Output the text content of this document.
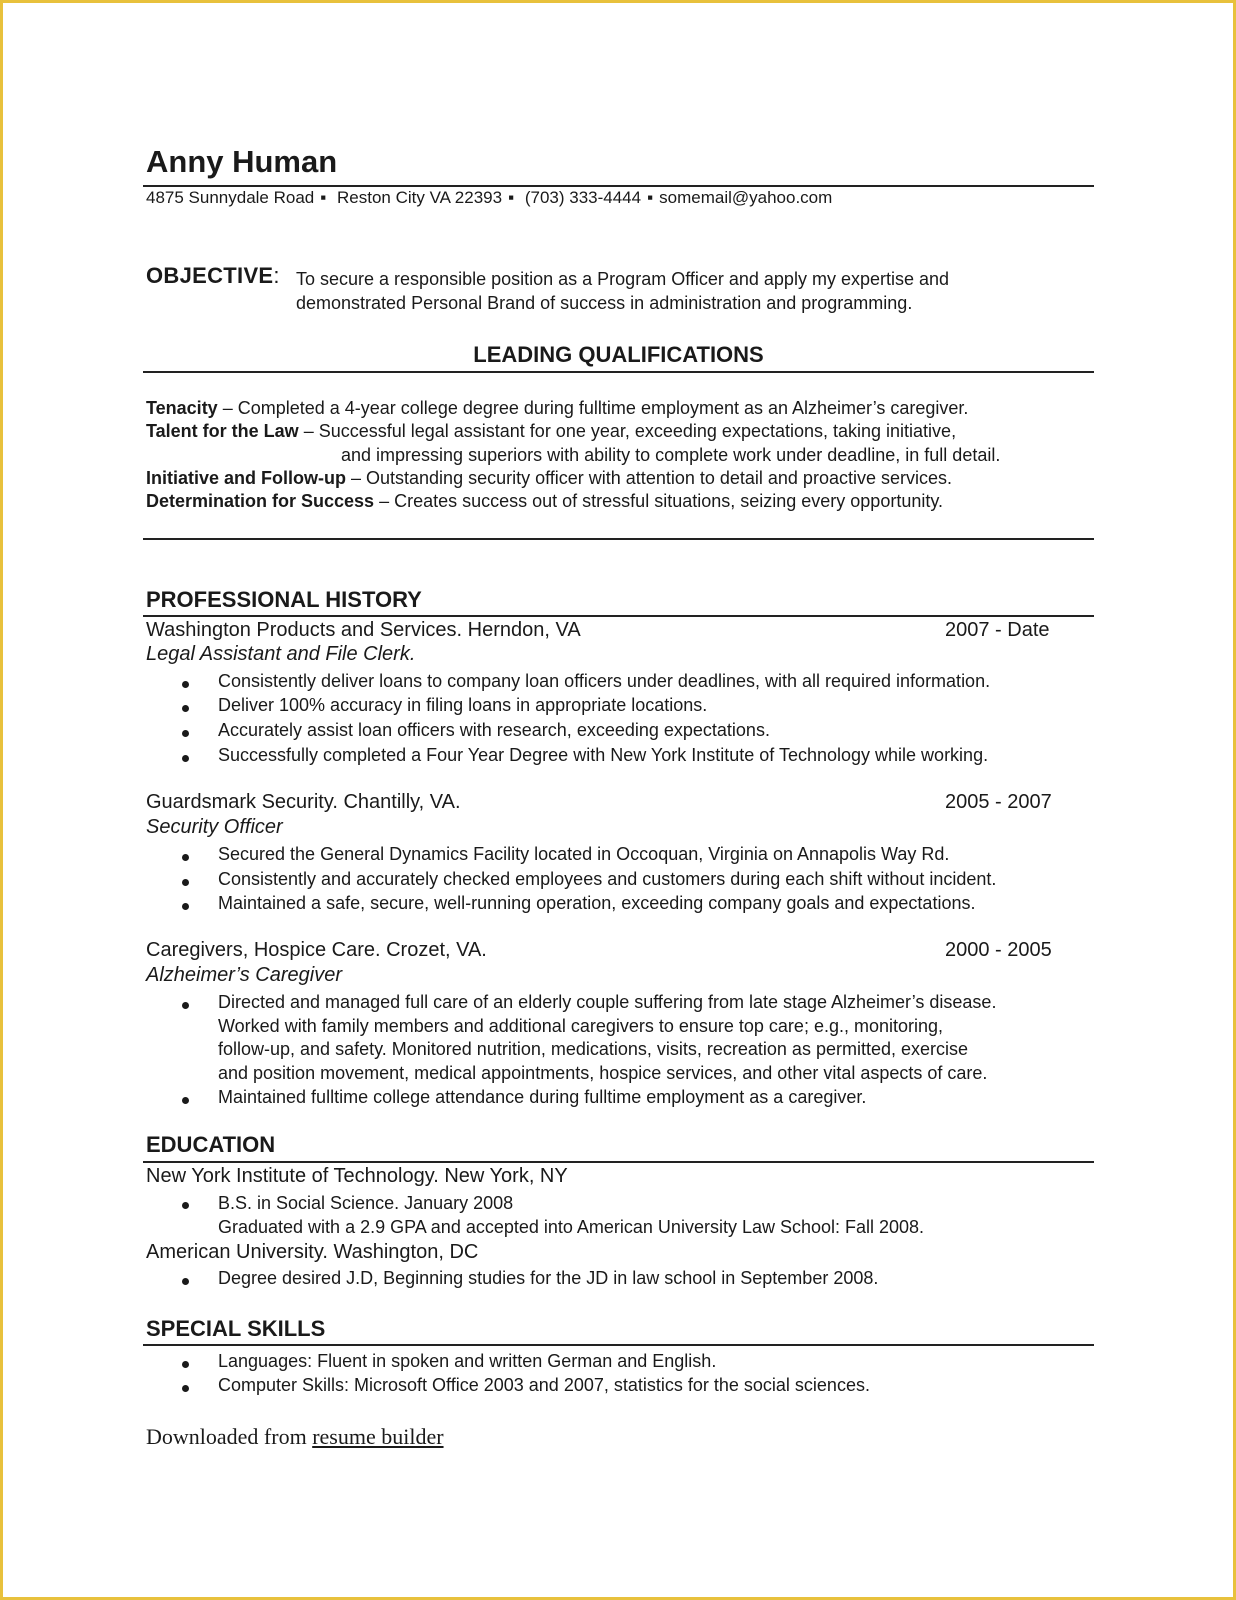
Anny Human
4875 Sunnydale Road ▪ Reston City VA 22393 ▪ (703) 333-4444 ▪ somemail@yahoo.com
OBJECTIVE: To secure a responsible position as a Program Officer and apply my expertise and
demonstrated Personal Brand of success in administration and programming.
LEADING QUALIFICATIONS
Tenacity – Completed a 4-year college degree during fulltime employment as an Alzheimer’s caregiver.
Talent for the Law – Successful legal assistant for one year, exceeding expectations, taking initiative,
and impressing superiors with ability to complete work under deadline, in full detail.
Initiative and Follow-up – Outstanding security officer with attention to detail and proactive services.
Determination for Success – Creates success out of stressful situations, seizing every opportunity.
PROFESSIONAL HISTORY
Washington Products and Services. Herndon, VA	2007 - Date
Legal Assistant and File Clerk.
Consistently deliver loans to company loan officers under deadlines, with all required information.
Deliver 100% accuracy in filing loans in appropriate locations.
Accurately assist loan officers with research, exceeding expectations.
Successfully completed a Four Year Degree with New York Institute of Technology while working.
Guardsmark Security. Chantilly, VA.	2005 - 2007
Security Officer
Secured the General Dynamics Facility located in Occoquan, Virginia on Annapolis Way Rd.
Consistently and accurately checked employees and customers during each shift without incident.
Maintained a safe, secure, well-running operation, exceeding company goals and expectations.
Caregivers, Hospice Care. Crozet, VA.	2000 - 2005
Alzheimer’s Caregiver
Directed and managed full care of an elderly couple suffering from late stage Alzheimer’s disease.
Worked with family members and additional caregivers to ensure top care; e.g., monitoring,
follow-up, and safety. Monitored nutrition, medications, visits, recreation as permitted, exercise
and position movement, medical appointments, hospice services, and other vital aspects of care.
Maintained fulltime college attendance during fulltime employment as a caregiver.
EDUCATION
New York Institute of Technology. New York, NY
B.S. in Social Science. January 2008
Graduated with a 2.9 GPA and accepted into American University Law School: Fall 2008.
American University. Washington, DC
Degree desired J.D, Beginning studies for the JD in law school in September 2008.
SPECIAL SKILLS
Languages: Fluent in spoken and written German and English.
Computer Skills: Microsoft Office 2003 and 2007, statistics for the social sciences.
Downloaded from resume builder
